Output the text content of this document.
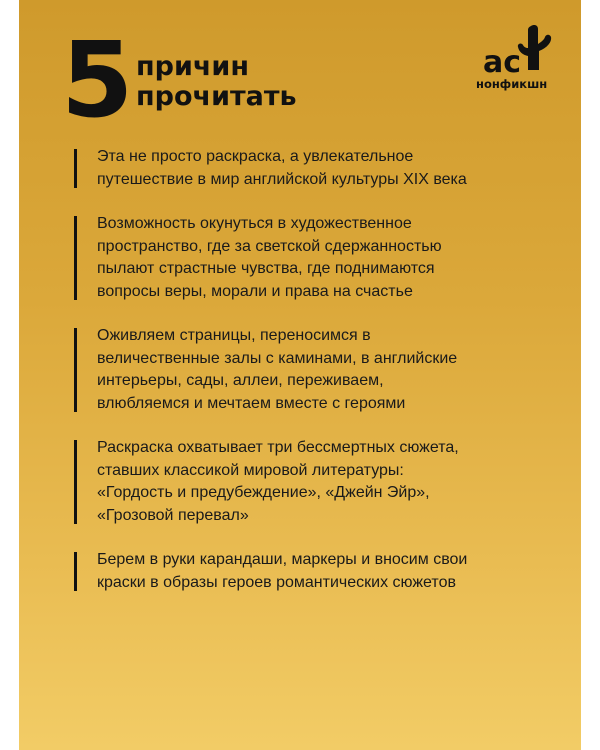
5 причин
прочитать
ас
нонфикшн
Эта не просто раскраска, а увлекательное
путешествие в мир английской культуры XIX века
Возможность окунуться в художественное
пространство, где за светской сдержанностью
пылают страстные чувства, где поднимаются
вопросы веры, морали и права на счастье
Оживляем страницы, переносимся в
величественные залы с каминами, в английские
интерьеры, сады, аллеи, переживаем,
влюбляемся и мечтаем вместе с героями
Раскраска охватывает три бессмертных сюжета,
ставших классикой мировой литературы:
«Гордость и предубеждение», «Джейн Эйр»,
«Грозовой перевал»
Берем в руки карандаши, маркеры и вносим свои
краски в образы героев романтических сюжетов
